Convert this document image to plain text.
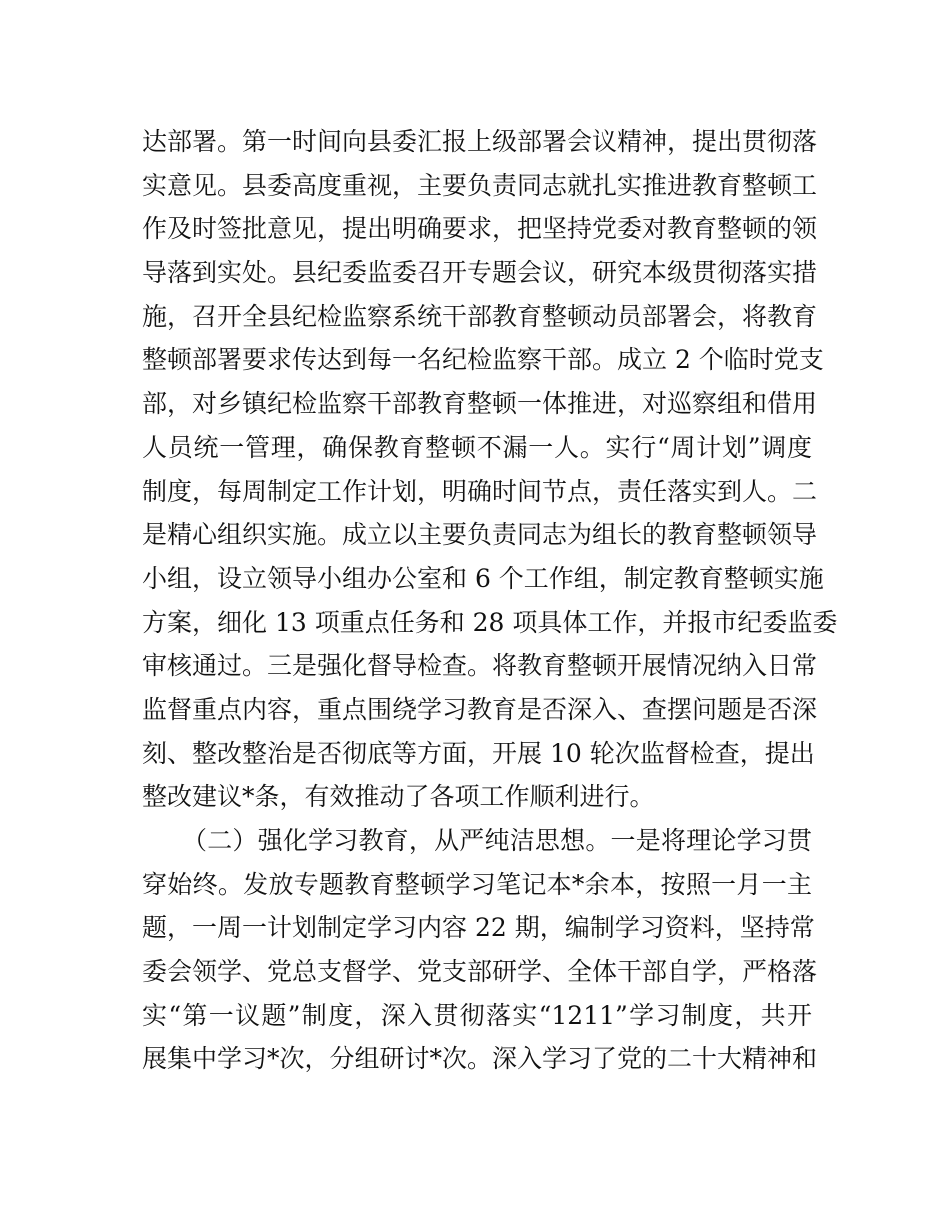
达部署。第一时间向县委汇报上级部署会议精神，提出贯彻落
实意见。县委高度重视，主要负责同志就扎实推进教育整顿工
作及时签批意见，提出明确要求，把坚持党委对教育整顿的领
导落到实处。县纪委监委召开专题会议，研究本级贯彻落实措
施，召开全县纪检监察系统干部教育整顿动员部署会，将教育
整顿部署要求传达到每一名纪检监察干部。成立 2 个临时党支
部，对乡镇纪检监察干部教育整顿一体推进，对巡察组和借用
人员统一管理，确保教育整顿不漏一人。实行“周计划”调度
制度，每周制定工作计划，明确时间节点，责任落实到人。二
是精心组织实施。成立以主要负责同志为组长的教育整顿领导
小组，设立领导小组办公室和 6 个工作组，制定教育整顿实施
方案，细化 13 项重点任务和 28 项具体工作，并报市纪委监委
审核通过。三是强化督导检查。将教育整顿开展情况纳入日常
监督重点内容，重点围绕学习教育是否深入、查摆问题是否深
刻、整改整治是否彻底等方面，开展 10 轮次监督检查，提出
整改建议*条，有效推动了各项工作顺利进行。
（二）强化学习教育，从严纯洁思想。一是将理论学习贯
穿始终。发放专题教育整顿学习笔记本*余本，按照一月一主
题，一周一计划制定学习内容 22 期，编制学习资料，坚持常
委会领学、党总支督学、党支部研学、全体干部自学，严格落
实“第一议题”制度，深入贯彻落实“1211”学习制度，共开
展集中学习*次，分组研讨*次。深入学习了党的二十大精神和
